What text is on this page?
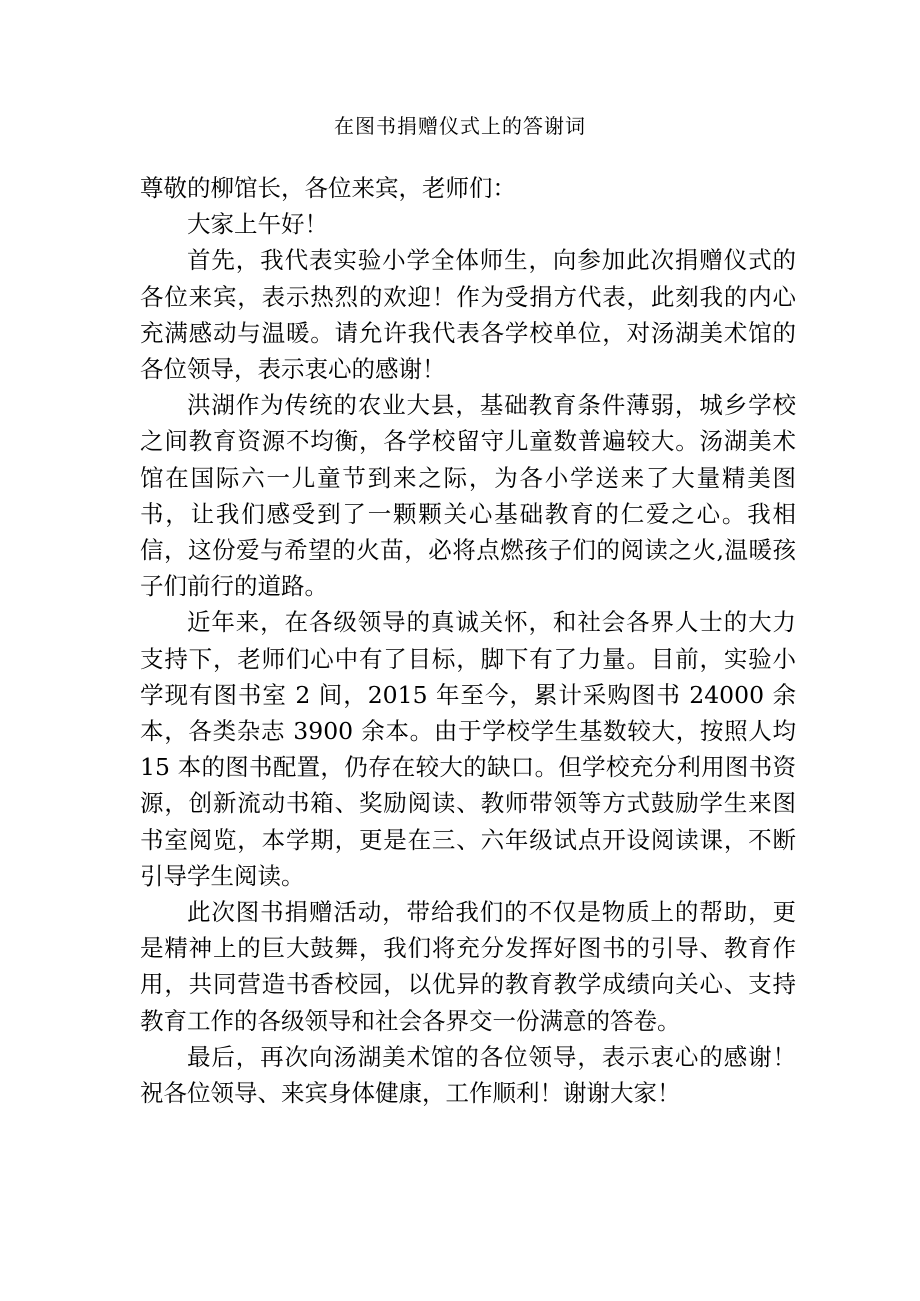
在图书捐赠仪式上的答谢词

尊敬的柳馆长，各位来宾，老师们：

大家上午好！

首先，我代表实验小学全体师生，向参加此次捐赠仪式的各位来宾，表示热烈的欢迎！作为受捐方代表，此刻我的内心充满感动与温暖。请允许我代表各学校单位，对汤湖美术馆的各位领导，表示衷心的感谢！

洪湖作为传统的农业大县，基础教育条件薄弱，城乡学校之间教育资源不均衡，各学校留守儿童数普遍较大。汤湖美术馆在国际六一儿童节到来之际，为各小学送来了大量精美图书，让我们感受到了一颗颗关心基础教育的仁爱之心。我相信，这份爱与希望的火苗，必将点燃孩子们的阅读之火,温暖孩子们前行的道路。

近年来，在各级领导的真诚关怀，和社会各界人士的大力支持下，老师们心中有了目标，脚下有了力量。目前，实验小学现有图书室 2 间，2015 年至今，累计采购图书 24000 余本，各类杂志 3900 余本。由于学校学生基数较大，按照人均 15 本的图书配置，仍存在较大的缺口。但学校充分利用图书资源，创新流动书箱、奖励阅读、教师带领等方式鼓励学生来图书室阅览，本学期，更是在三、六年级试点开设阅读课，不断引导学生阅读。

此次图书捐赠活动，带给我们的不仅是物质上的帮助，更是精神上的巨大鼓舞，我们将充分发挥好图书的引导、教育作用，共同营造书香校园，以优异的教育教学成绩向关心、支持教育工作的各级领导和社会各界交一份满意的答卷。

最后，再次向汤湖美术馆的各位领导，表示衷心的感谢！祝各位领导、来宾身体健康，工作顺利！谢谢大家！
